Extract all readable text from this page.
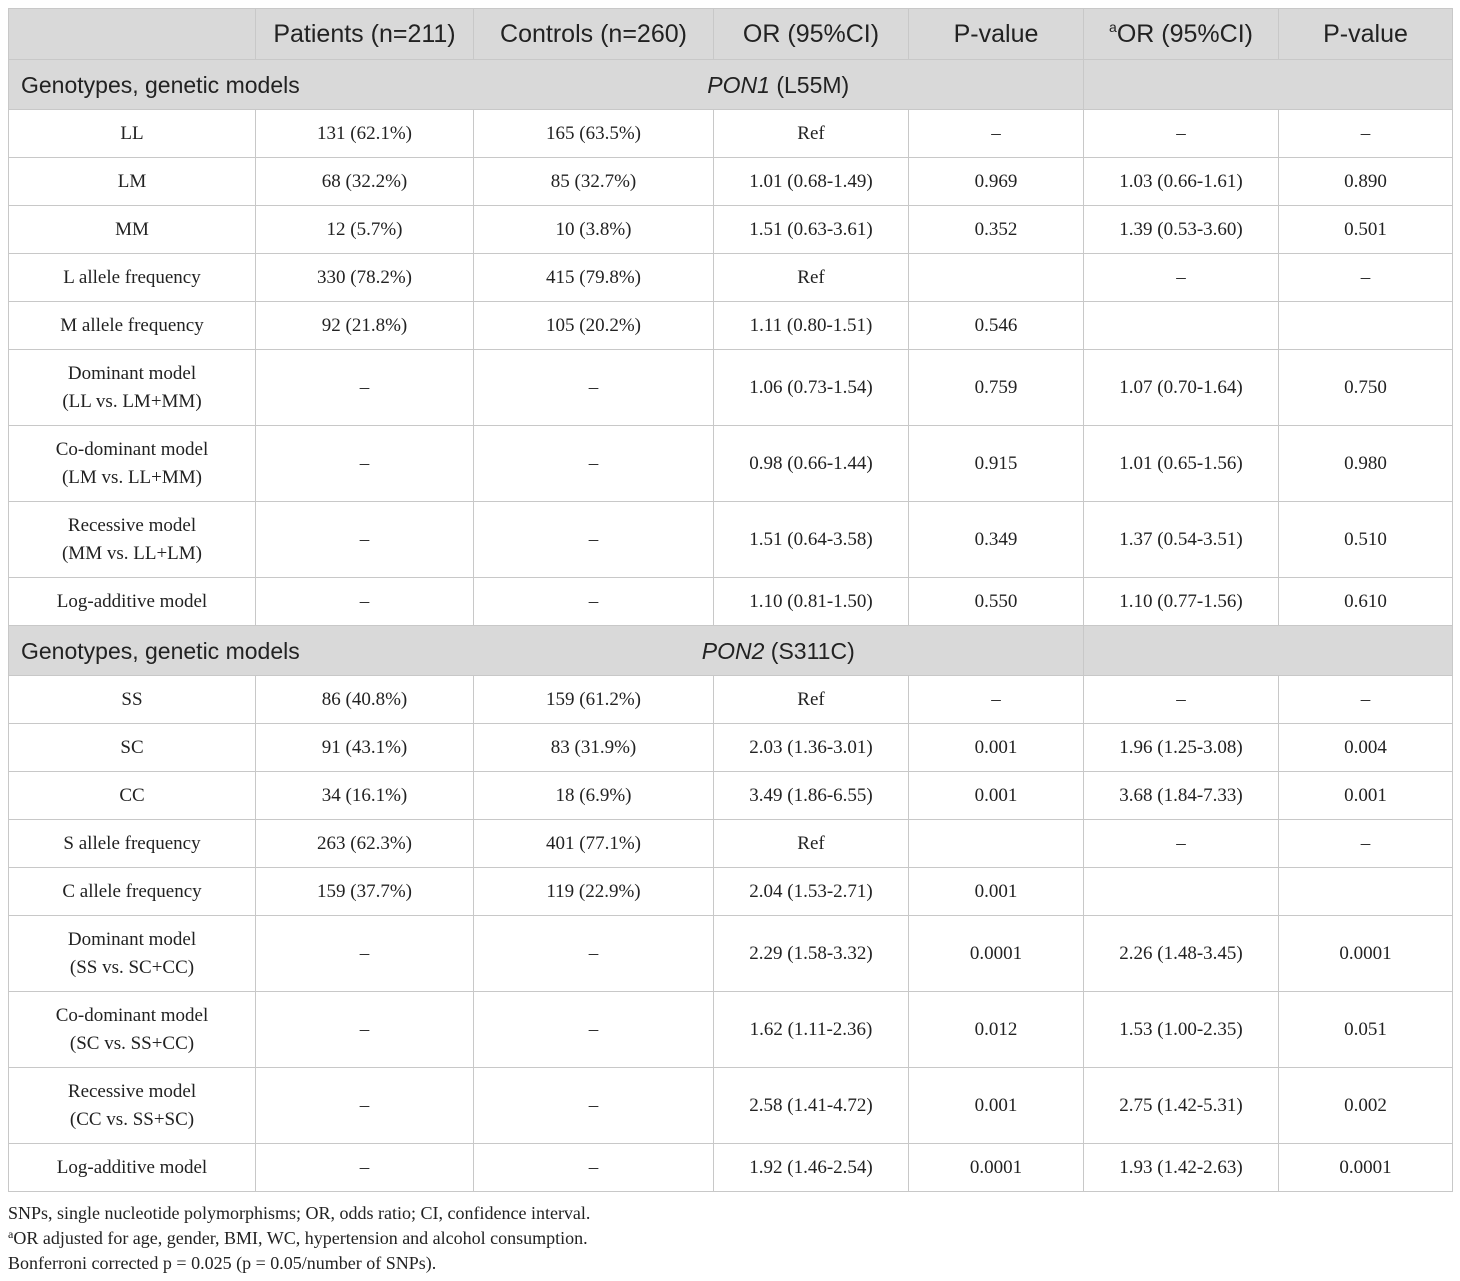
	Patients (n=211)	Controls (n=260)	OR (95%CI)	P-value	$^a$OR (95%CI)	P-value
Genotypes, genetic models		PON1 (L55M)				

LL	131 (62.1%)	165 (63.5%)	Ref	–	–	–

LM	68 (32.2%)	85 (32.7%)	1.01 (0.68-1.49)	0.969	1.03 (0.66-1.61)	0.890

MM	12 (5.7%)	10 (3.8%)	1.51 (0.63-3.61)	0.352	1.39 (0.53-3.60)	0.501

L allele frequency	330 (78.2%)	415 (79.8%)	Ref		–	–

M allele frequency	92 (21.8%)	105 (20.2%)	1.11 (0.80-1.51)	0.546		

Dominant model
(LL vs. LM+MM)	–	–	1.06 (0.73-1.54)	0.759	1.07 (0.70-1.64)	0.750

Co-dominant model
(LM vs. LL+MM)	–	–	0.98 (0.66-1.44)	0.915	1.01 (0.65-1.56)	0.980

Recessive model
(MM vs. LL+LM)	–	–	1.51 (0.64-3.58)	0.349	1.37 (0.54-3.51)	0.510

Log-additive model	–	–	1.10 (0.81-1.50)	0.550	1.10 (0.77-1.56)	0.610
Genotypes, genetic models		PON2 (S311C)				

SS	86 (40.8%)	159 (61.2%)	Ref	–	–	–

SC	91 (43.1%)	83 (31.9%)	2.03 (1.36-3.01)	0.001	1.96 (1.25-3.08)	0.004

CC	34 (16.1%)	18 (6.9%)	3.49 (1.86-6.55)	0.001	3.68 (1.84-7.33)	0.001

S allele frequency	263 (62.3%)	401 (77.1%)	Ref		–	–

C allele frequency	159 (37.7%)	119 (22.9%)	2.04 (1.53-2.71)	0.001		

Dominant model
(SS vs. SC+CC)	–	–	2.29 (1.58-3.32)	0.0001	2.26 (1.48-3.45)	0.0001

Co-dominant model
(SC vs. SS+CC)	–	–	1.62 (1.11-2.36)	0.012	1.53 (1.00-2.35)	0.051

Recessive model
(CC vs. SS+SC)	–	–	2.58 (1.41-4.72)	0.001	2.75 (1.42-5.31)	0.002

Log-additive model	–	–	1.92 (1.46-2.54)	0.0001	1.93 (1.42-2.63)	0.0001

SNPs, single nucleotide polymorphisms; OR, odds ratio; CI, confidence interval.

$^a$OR adjusted for age, gender, BMI, WC, hypertension and alcohol consumption.

Bonferroni corrected p = 0.025 (p = 0.05/number of SNPs).
